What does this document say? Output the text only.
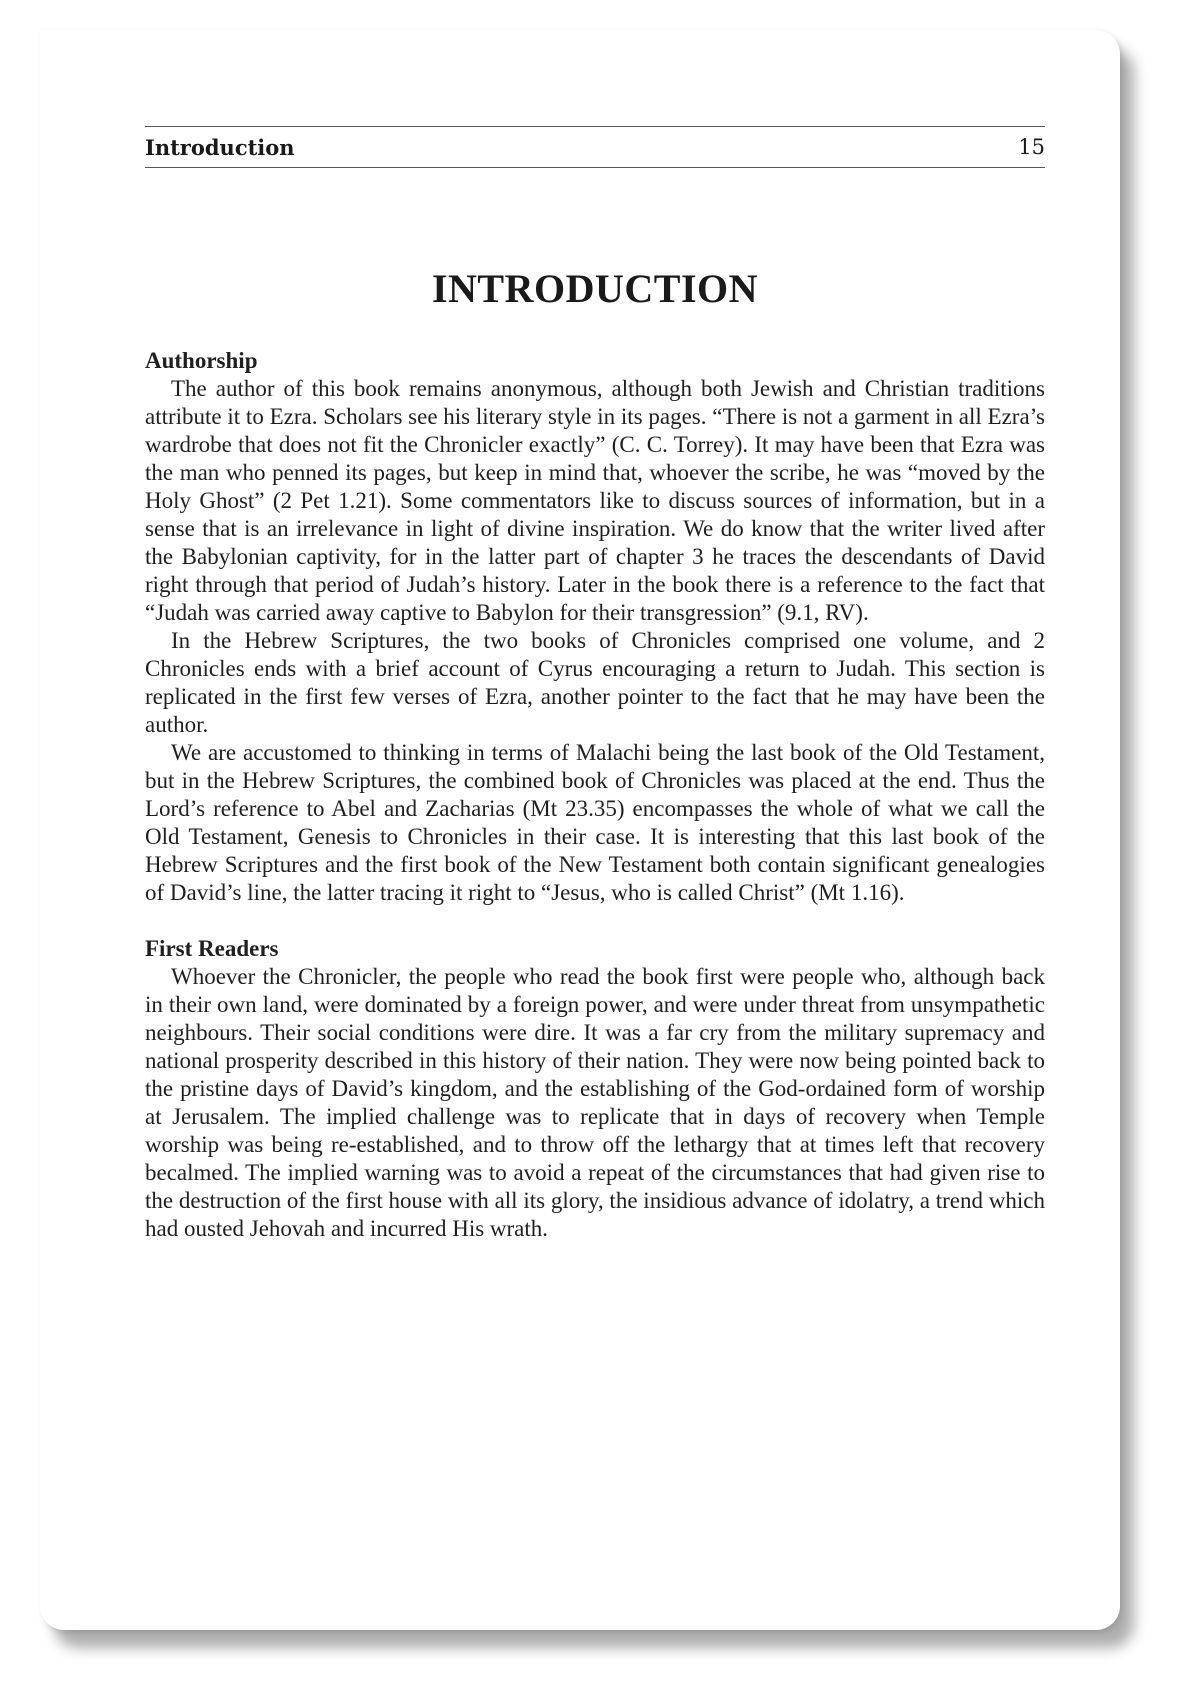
Introduction	15
INTRODUCTION
Authorship

The author of this book remains anonymous, although both Jewish and Christian traditions attribute it to Ezra. Scholars see his literary style in its pages. “There is not a garment in all Ezra’s wardrobe that does not fit the Chronicler exactly” (C. C. Torrey). It may have been that Ezra was the man who penned its pages, but keep in mind that, whoever the scribe, he was “moved by the Holy Ghost” (2 Pet 1.21). Some commentators like to discuss sources of information, but in a sense that is an irrelevance in light of divine inspiration. We do know that the writer lived after the Babylonian captivity, for in the latter part of chapter 3 he traces the descendants of David right through that period of Judah’s history. Later in the book there is a reference to the fact that “Judah was carried away captive to Babylon for their transgression” (9.1, RV).

In the Hebrew Scriptures, the two books of Chronicles comprised one volume, and 2 Chronicles ends with a brief account of Cyrus encouraging a return to Judah. This section is replicated in the first few verses of Ezra, another pointer to the fact that he may have been the author.

We are accustomed to thinking in terms of Malachi being the last book of the Old Testament, but in the Hebrew Scriptures, the combined book of Chronicles was placed at the end. Thus the Lord’s reference to Abel and Zacharias (Mt 23.35) encompasses the whole of what we call the Old Testament, Genesis to Chronicles in their case. It is interesting that this last book of the Hebrew Scriptures and the first book of the New Testament both contain significant genealogies of David’s line, the latter tracing it right to “Jesus, who is called Christ” (Mt 1.16).

First Readers

Whoever the Chronicler, the people who read the book first were people who, although back in their own land, were dominated by a foreign power, and were under threat from unsympathetic neighbours. Their social conditions were dire. It was a far cry from the military supremacy and national prosperity described in this history of their nation. They were now being pointed back to the pristine days of David’s kingdom, and the establishing of the God-ordained form of worship at Jerusalem. The implied challenge was to replicate that in days of recovery when Temple worship was being re-established, and to throw off the lethargy that at times left that recovery becalmed. The implied warning was to avoid a repeat of the circumstances that had given rise to the destruction of the first house with all its glory, the insidious advance of idolatry, a trend which had ousted Jehovah and incurred His wrath.
